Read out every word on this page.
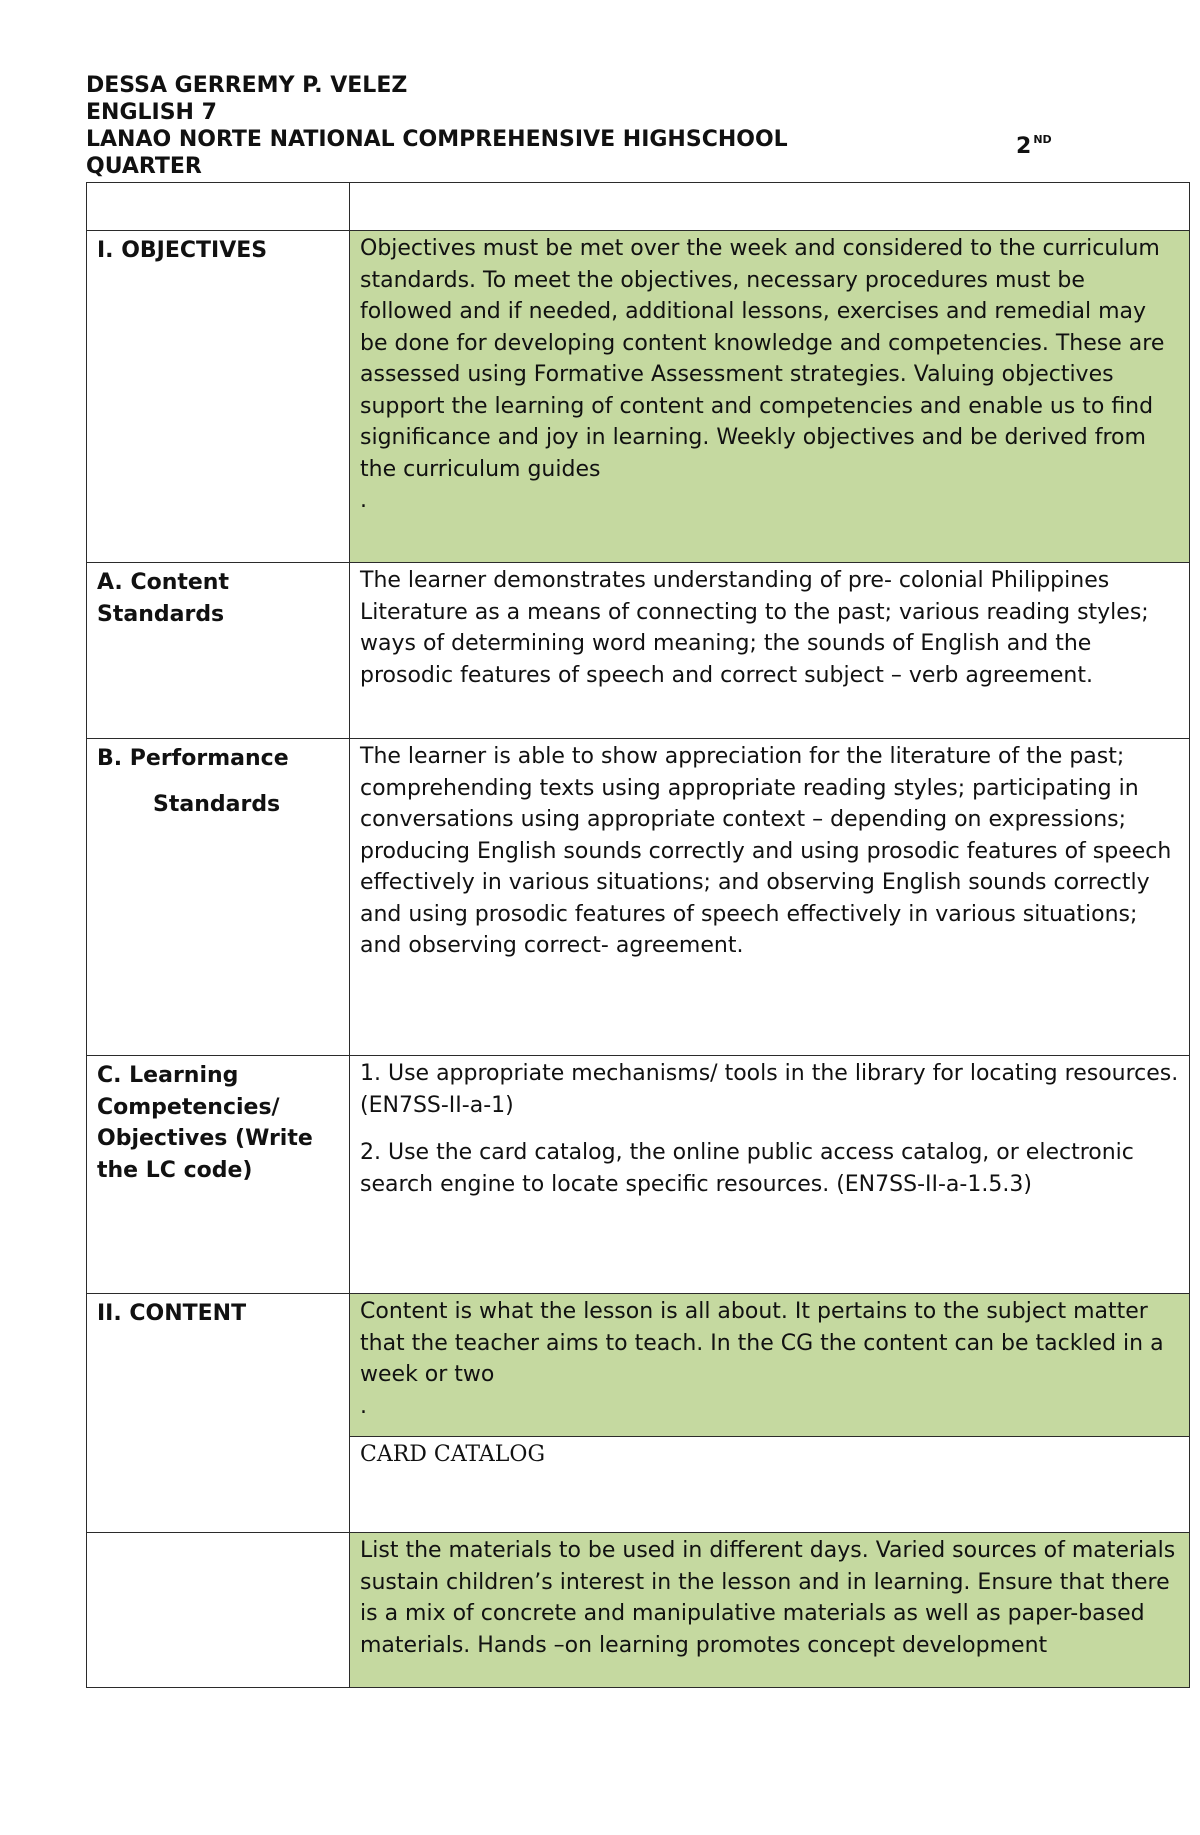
DESSA GERREMY P. VELEZ
ENGLISH 7
LANAO NORTE NATIONAL COMPREHENSIVE HIGHSCHOOL	2 $^{ND}$
QUARTER

I. OBJECTIVES	Objectives must be met over the week and considered to the curriculum standards. To meet the objectives, necessary procedures must be followed and if needed, additional lessons, exercises and remedial may be done for developing content knowledge and competencies. These are assessed using Formative Assessment strategies. Valuing objectives support the learning of content and competencies and enable us to find significance and joy in learning. Weekly objectives and be derived from the curriculum guides
.

A. Content Standards	The learner demonstrates understanding of pre- colonial Philippines Literature as a means of connecting to the past; various reading styles; ways of determining word meaning; the sounds of English and the prosodic features of speech and correct subject – verb agreement.
B. Performance
Standards	The learner is able to show appreciation for the literature of the past; comprehending texts using appropriate reading styles; participating in conversations using appropriate context – depending on expressions; producing English sounds correctly and using prosodic features of speech effectively in various situations; and observing English sounds correctly and using prosodic features of speech effectively in various situations; and observing correct- agreement.
C. Learning Competencies/ Objectives (Write the LC code)	1. Use appropriate mechanisms/ tools in the library for locating resources. (EN7SS-II-a-1)
2. Use the card catalog, the online public access catalog, or electronic search engine to locate specific resources. (EN7SS-II-a-1.5.3)

II. CONTENT	Content is what the lesson is all about. It pertains to the subject matter that the teacher aims to teach. In the CG the content can be tackled in a week or two
.

	CARD CATALOG
	List the materials to be used in different days. Varied sources of materials sustain children’s interest in the lesson and in learning. Ensure that there is a mix of concrete and manipulative materials as well as paper-based materials. Hands –on learning promotes concept development
